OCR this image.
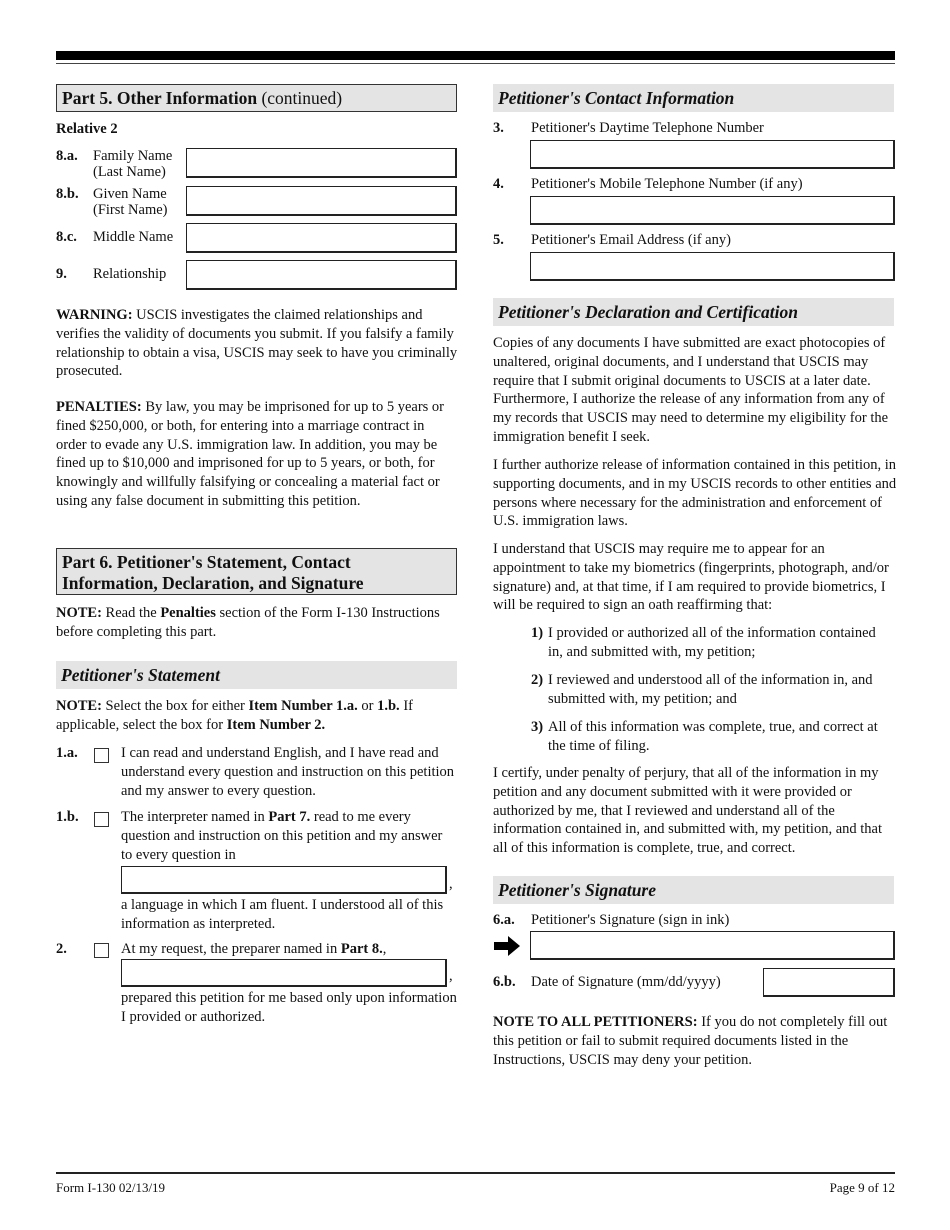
Part 5. Other Information (continued)
Relative 2
8.a. Family Name
(Last Name)
8.b. Given Name
(First Name)
8.c. Middle Name
9. Relationship
WARNING: USCIS investigates the claimed relationships and verifies the validity of documents you submit. If you falsify a family relationship to obtain a visa, USCIS may seek to have you criminally prosecuted.
PENALTIES: By law, you may be imprisoned for up to 5 years or fined $250,000, or both, for entering into a marriage contract in order to evade any U.S. immigration law. In addition, you may be fined up to $10,000 and imprisoned for up to 5 years, or both, for knowingly and willfully falsifying or concealing a material fact or using any false document in submitting this petition.
Part 6. Petitioner's Statement, Contact
Information, Declaration, and Signature
NOTE: Read the Penalties section of the Form I-130 Instructions before completing this part.
Petitioner's Statement
NOTE: Select the box for either Item Number 1.a. or 1.b. If applicable, select the box for Item Number 2.
1.a.	I can read and understand English, and I have read and understand every question and instruction on this petition and my answer to every question.
1.b.	The interpreter named in Part 7. read to me every question and instruction on this petition and my answer to every question in
,
a language in which I am fluent. I understood all of this information as interpreted.
2.	At my request, the preparer named in Part 8.,
,
prepared this petition for me based only upon information I provided or authorized.
Petitioner's Contact Information
3. Petitioner's Daytime Telephone Number
4. Petitioner's Mobile Telephone Number (if any)
5. Petitioner's Email Address (if any)
Petitioner's Declaration and Certification
Copies of any documents I have submitted are exact photocopies of unaltered, original documents, and I understand that USCIS may require that I submit original documents to USCIS at a later date. Furthermore, I authorize the release of any information from any of my records that USCIS may need to determine my eligibility for the immigration benefit I seek.
I further authorize release of information contained in this petition, in supporting documents, and in my USCIS records to other entities and persons where necessary for the administration and enforcement of U.S. immigration laws.
I understand that USCIS may require me to appear for an appointment to take my biometrics (fingerprints, photograph, and/or signature) and, at that time, if I am required to provide biometrics, I will be required to sign an oath reaffirming that:
1) I provided or authorized all of the information contained in, and submitted with, my petition;
2) I reviewed and understood all of the information in, and submitted with, my petition; and
3) All of this information was complete, true, and correct at the time of filing.
I certify, under penalty of perjury, that all of the information in my petition and any document submitted with it were provided or authorized by me, that I reviewed and understand all of the information contained in, and submitted with, my petition, and that all of this information is complete, true, and correct.
Petitioner's Signature
6.a. Petitioner's Signature (sign in ink)
6.b. Date of Signature (mm/dd/yyyy)
NOTE TO ALL PETITIONERS: If you do not completely fill out this petition or fail to submit required documents listed in the Instructions, USCIS may deny your petition.
Form I-130 02/13/19	Page 9 of 12
